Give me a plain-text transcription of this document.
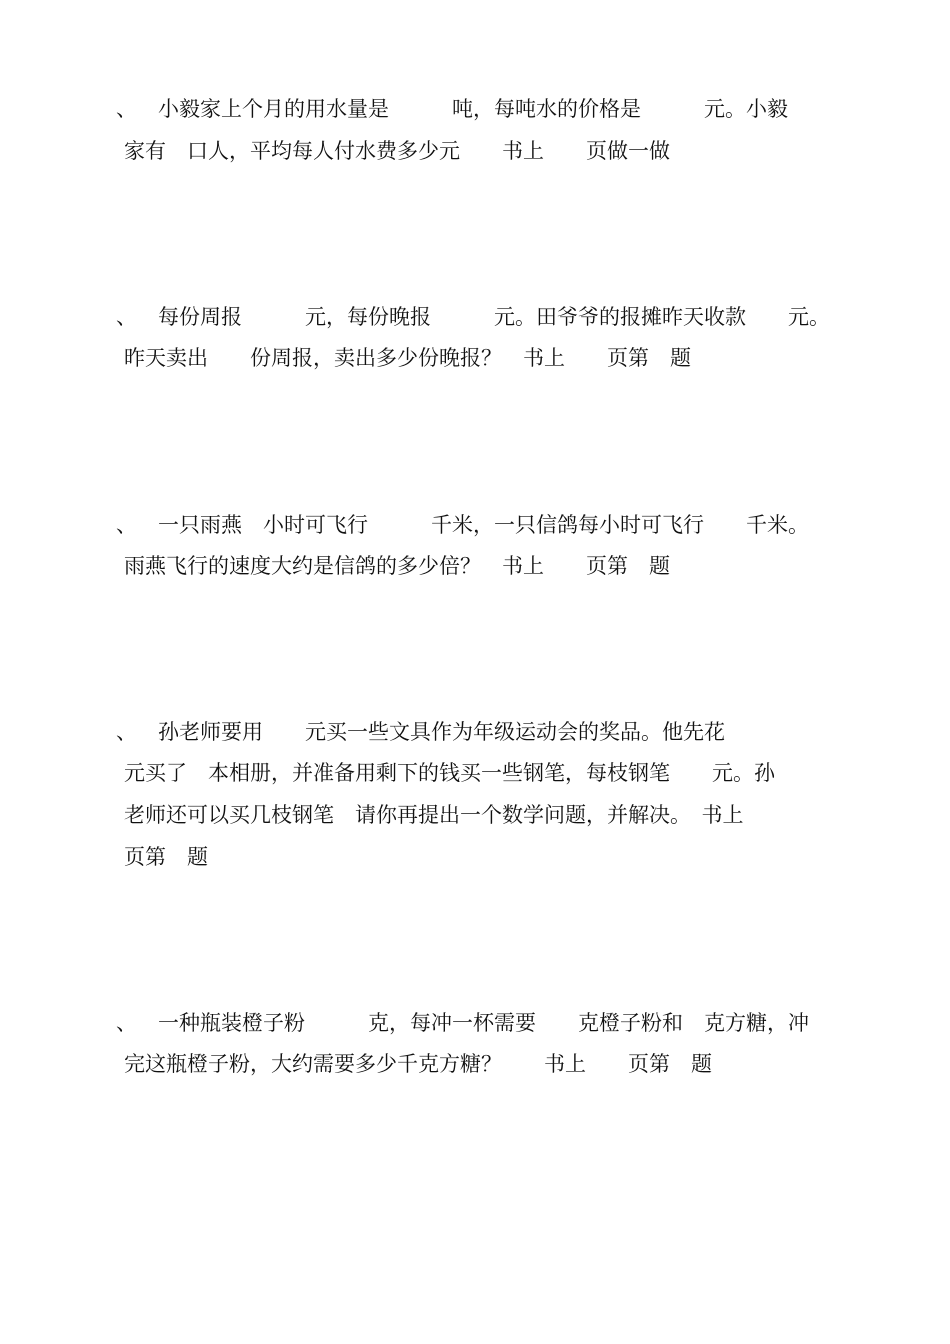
、 小毅家上个月的用水量是　　　吨，每吨水的价格是　　　元。小毅
家有　口人，平均每人付水费多少元　　书上　　页做一做
、 每份周报　　　元，每份晚报　　　元。田爷爷的报摊昨天收款　　元。
昨天卖出　　份周报，卖出多少份晚报？　书上　　页第　题
、 一只雨燕　小时可飞行　　　千米，一只信鸽每小时可飞行　　千米。
雨燕飞行的速度大约是信鸽的多少倍？　书上　　页第　题
、 孙老师要用　　元买一些文具作为年级运动会的奖品。他先花
元买了　本相册，并准备用剩下的钱买一些钢笔，每枝钢笔　　元。孙
老师还可以买几枝钢笔　请你再提出一个数学问题，并解决。　书上
页第　题
、 一种瓶装橙子粉　　　克，每冲一杯需要　　克橙子粉和　克方糖，冲
完这瓶橙子粉，大约需要多少千克方糖？　　书上　　页第　题
